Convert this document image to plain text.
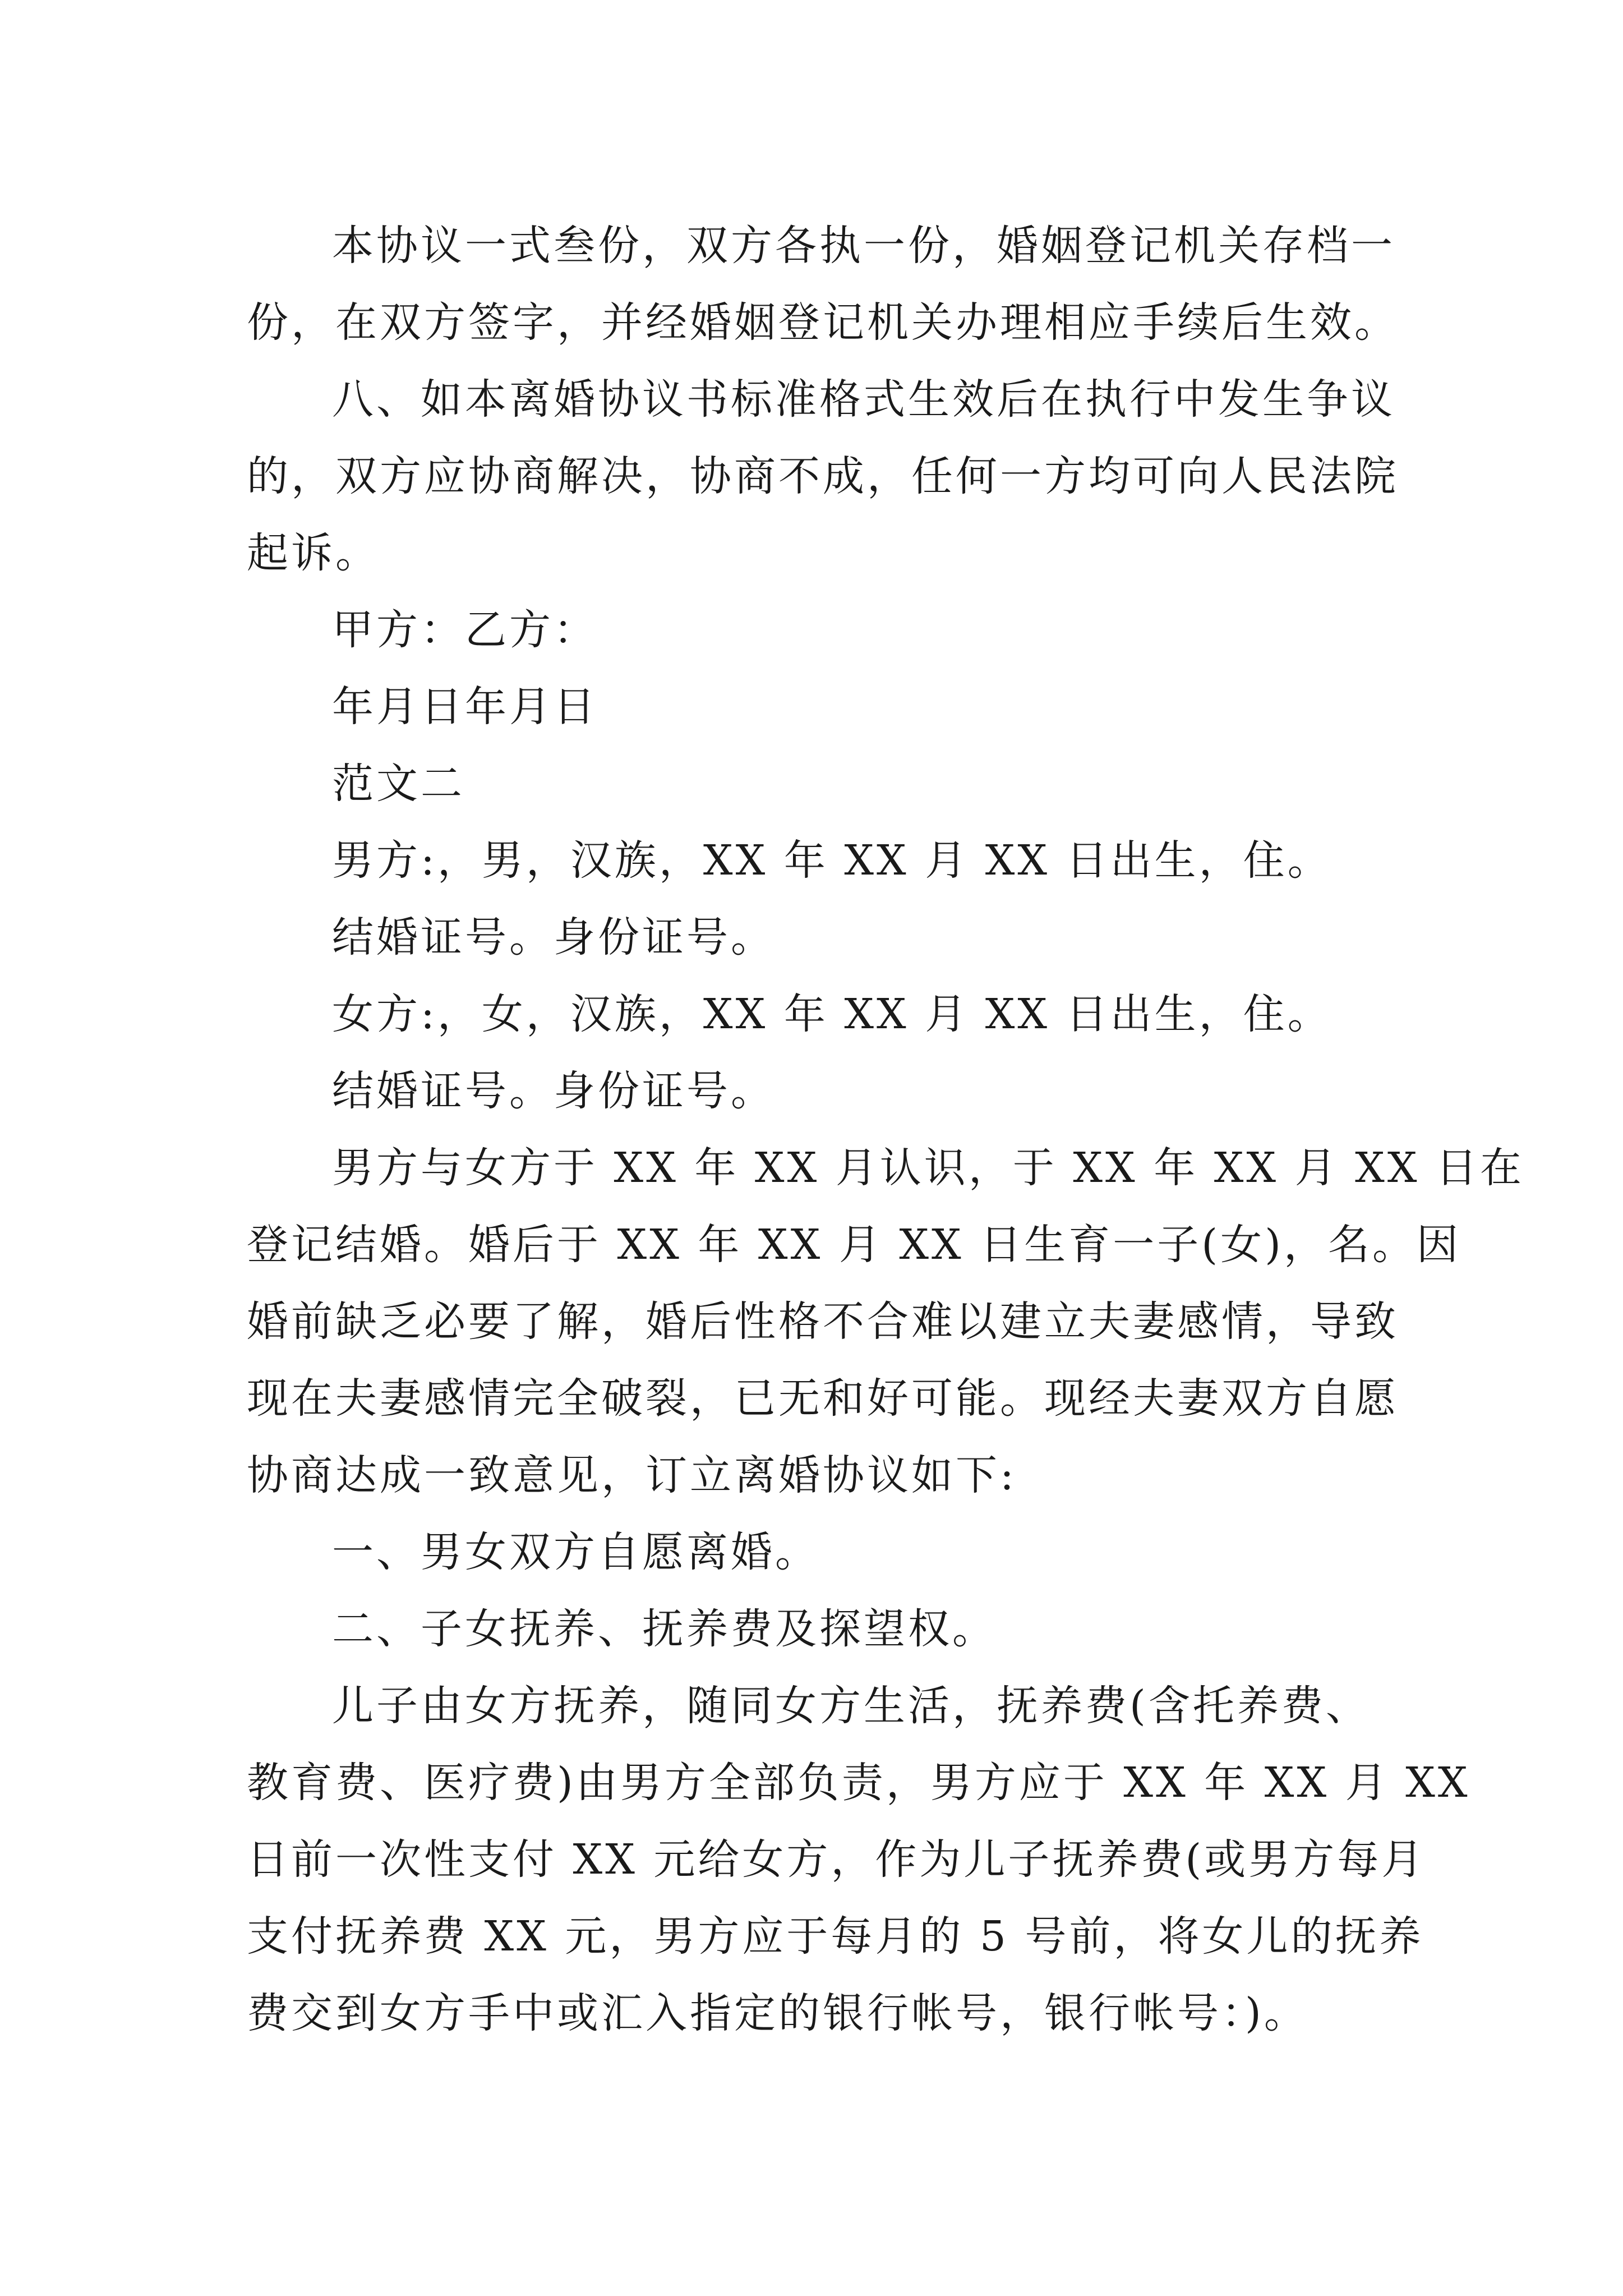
本协议一式叁份，双方各执一份，婚姻登记机关存档一

份，在双方签字，并经婚姻登记机关办理相应手续后生效。

八、如本离婚协议书标准格式生效后在执行中发生争议

的，双方应协商解决，协商不成，任何一方均可向人民法院

起诉。

甲方：乙方：

年月日年月日

范文二

男方:，男，汉族，XX 年 XX 月 XX 日出生，住。

结婚证号。身份证号。

女方:，女，汉族，XX 年 XX 月 XX 日出生，住。

结婚证号。身份证号。

男方与女方于 XX 年 XX 月认识，于 XX 年 XX 月 XX 日在

登记结婚。婚后于 XX 年 XX 月 XX 日生育一子(女)，名。因

婚前缺乏必要了解，婚后性格不合难以建立夫妻感情，导致

现在夫妻感情完全破裂，已无和好可能。现经夫妻双方自愿

协商达成一致意见，订立离婚协议如下:

一、男女双方自愿离婚。

二、子女抚养、抚养费及探望权。

儿子由女方抚养，随同女方生活，抚养费(含托养费、

教育费、医疗费)由男方全部负责，男方应于 XX 年 XX 月 XX

日前一次性支付 XX 元给女方，作为儿子抚养费(或男方每月

支付抚养费 XX 元，男方应于每月的 5 号前，将女儿的抚养

费交到女方手中或汇入指定的银行帐号，银行帐号：)。
